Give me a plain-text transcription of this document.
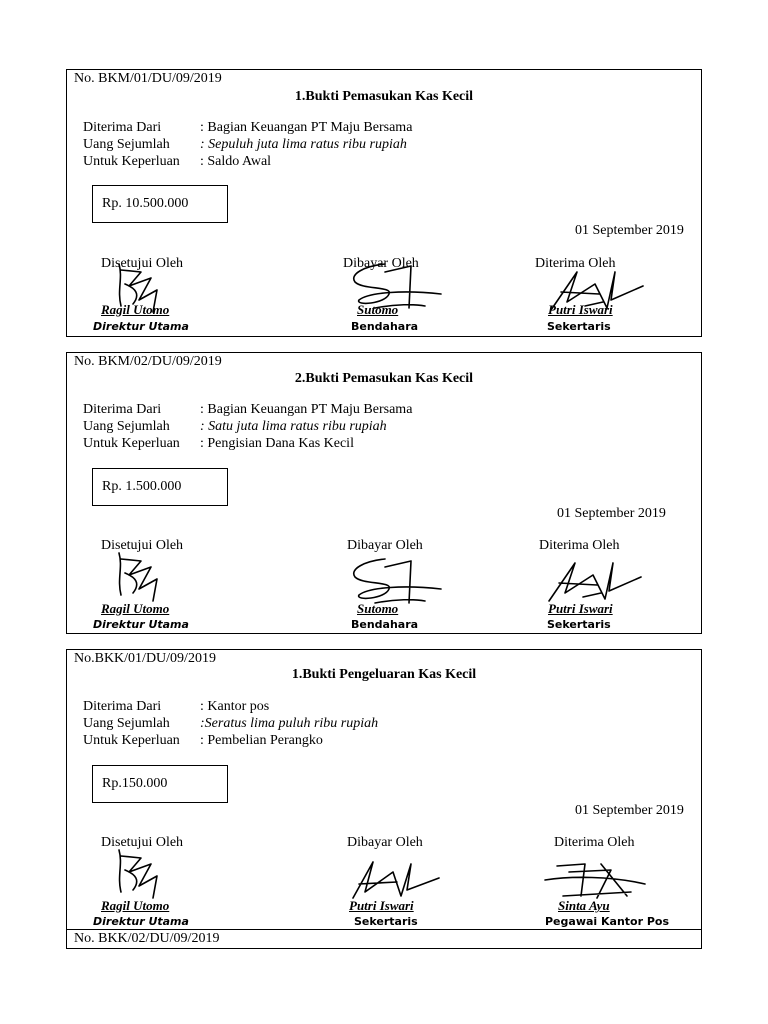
No. BKM/01/DU/09/2019
1.Bukti Pemasukan Kas Kecil
Diterima Dari	: Bagian Keuangan PT Maju Bersama
Uang Sejumlah : Sepuluh juta lima ratus ribu rupiah
Untuk Keperluan : Saldo Awal
Rp. 10.500.000
01 September 2019
Disetujui Oleh	Dibayar Oleh	Diterima Oleh
Ragil Utomo	Sutomo	Putri Iswari
Direktur Utama	Bendahara	Sekertaris
No. BKM/02/DU/09/2019
2.Bukti Pemasukan Kas Kecil
Diterima Dari	: Bagian Keuangan PT Maju Bersama
Uang Sejumlah : Satu juta lima ratus ribu rupiah
Untuk Keperluan : Pengisian Dana Kas Kecil
Rp. 1.500.000
01 September 2019
Disetujui Oleh	Dibayar Oleh	Diterima Oleh
Ragil Utomo	Sutomo	Putri Iswari
Direktur Utama	Bendahara	Sekertaris
No.BKK/01/DU/09/2019
1.Bukti Pengeluaran Kas Kecil
Diterima Dari	: Kantor pos
Uang Sejumlah :Seratus lima puluh ribu rupiah
Untuk Keperluan : Pembelian Perangko
Rp.150.000
01 September 2019
Disetujui Oleh	Dibayar Oleh	Diterima Oleh
Ragil Utomo	Putri Iswari	Sinta Ayu
Direktur Utama	Sekertaris	Pegawai Kantor Pos
No. BKK/02/DU/09/2019
